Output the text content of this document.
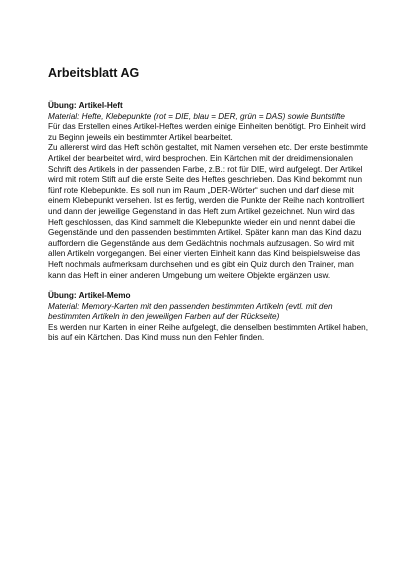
Arbeitsblatt AG
Übung: Artikel-Heft
Material: Hefte, Klebepunkte (rot = DIE, blau = DER, grün = DAS) sowie Buntstifte
Für das Erstellen eines Artikel-Heftes werden einige Einheiten benötigt. Pro Einheit wird zu Beginn jeweils ein bestimmter Artikel bearbeitet.
Zu allererst wird das Heft schön gestaltet, mit Namen versehen etc. Der erste bestimmte Artikel der bearbeitet wird, wird besprochen. Ein Kärtchen mit der dreidimensionalen Schrift des Artikels in der passenden Farbe, z.B.: rot für DIE, wird aufgelegt. Der Artikel wird mit rotem Stift auf die erste Seite des Heftes geschrieben. Das Kind bekommt nun fünf rote Klebepunkte. Es soll nun im Raum „DER-Wörter“ suchen und darf diese mit einem Klebepunkt versehen. Ist es fertig, werden die Punkte der Reihe nach kontrolliert und dann der jeweilige Gegenstand in das Heft zum Artikel gezeichnet. Nun wird das Heft geschlossen, das Kind sammelt die Klebepunkte wieder ein und nennt dabei die Gegenstände und den passenden bestimmten Artikel. Später kann man das Kind dazu auffordern die Gegenstände aus dem Gedächtnis nochmals aufzusagen. So wird mit allen Artikeln vorgegangen. Bei einer vierten Einheit kann das Kind beispielsweise das Heft nochmals aufmerksam durchsehen und es gibt ein Quiz durch den Trainer, man kann das Heft in einer anderen Umgebung um weitere Objekte ergänzen usw.
Übung: Artikel-Memo
Material: Memory-Karten mit den passenden bestimmten Artikeln (evtl. mit den bestimmten Artikeln in den jeweiligen Farben auf der Rückseite)
Es werden nur Karten in einer Reihe aufgelegt, die denselben bestimmten Artikel haben, bis auf ein Kärtchen. Das Kind muss nun den Fehler finden.
